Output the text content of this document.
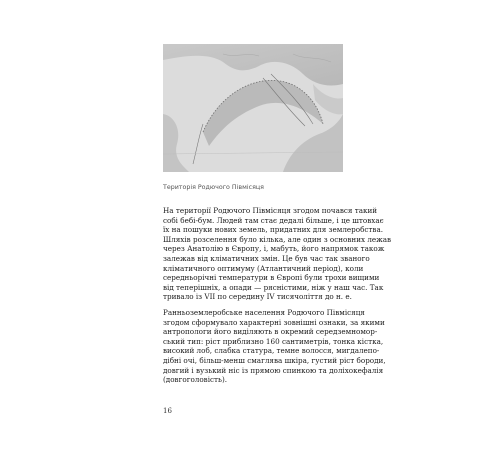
Територія Родючого Півмісяця

На території Родючого Півмісяця згодом почався такий
собі бебі-бум. Людей там стає дедалі більше, і це штовхає
їх на пошуки нових земель, придатних для землеробства.
Шляхів розселення було кілька, але один з основних лежав
через Анатолію в Європу, і, мабуть, його напрямок також
залежав від кліматичних змін. Це був час так званого
кліматичного оптимуму (Атлантичний період), коли
середньорічні температури в Європі були трохи вищими
від теперішніх, а опади — рясністими, ніж у наш час. Так
тривало із VII по середину IV тисячоліття до н. е.

Ранньоземлеробське населення Родючого Півмісяця
згодом сформувало характерні зовнішні ознаки, за якими
антропологи його виділяють в окремий середземномор-
ський тип: ріст приблизно 160 сантиметрів, тонка кістка,
високий лоб, слабка статура, темне волосся, мигдалепо-
дібні очі, більш-менш смаглява шкіра, густий ріст бороди,
довгий і вузький ніс із прямою спинкою та доліхокефалія
(довгоголовість).

16
